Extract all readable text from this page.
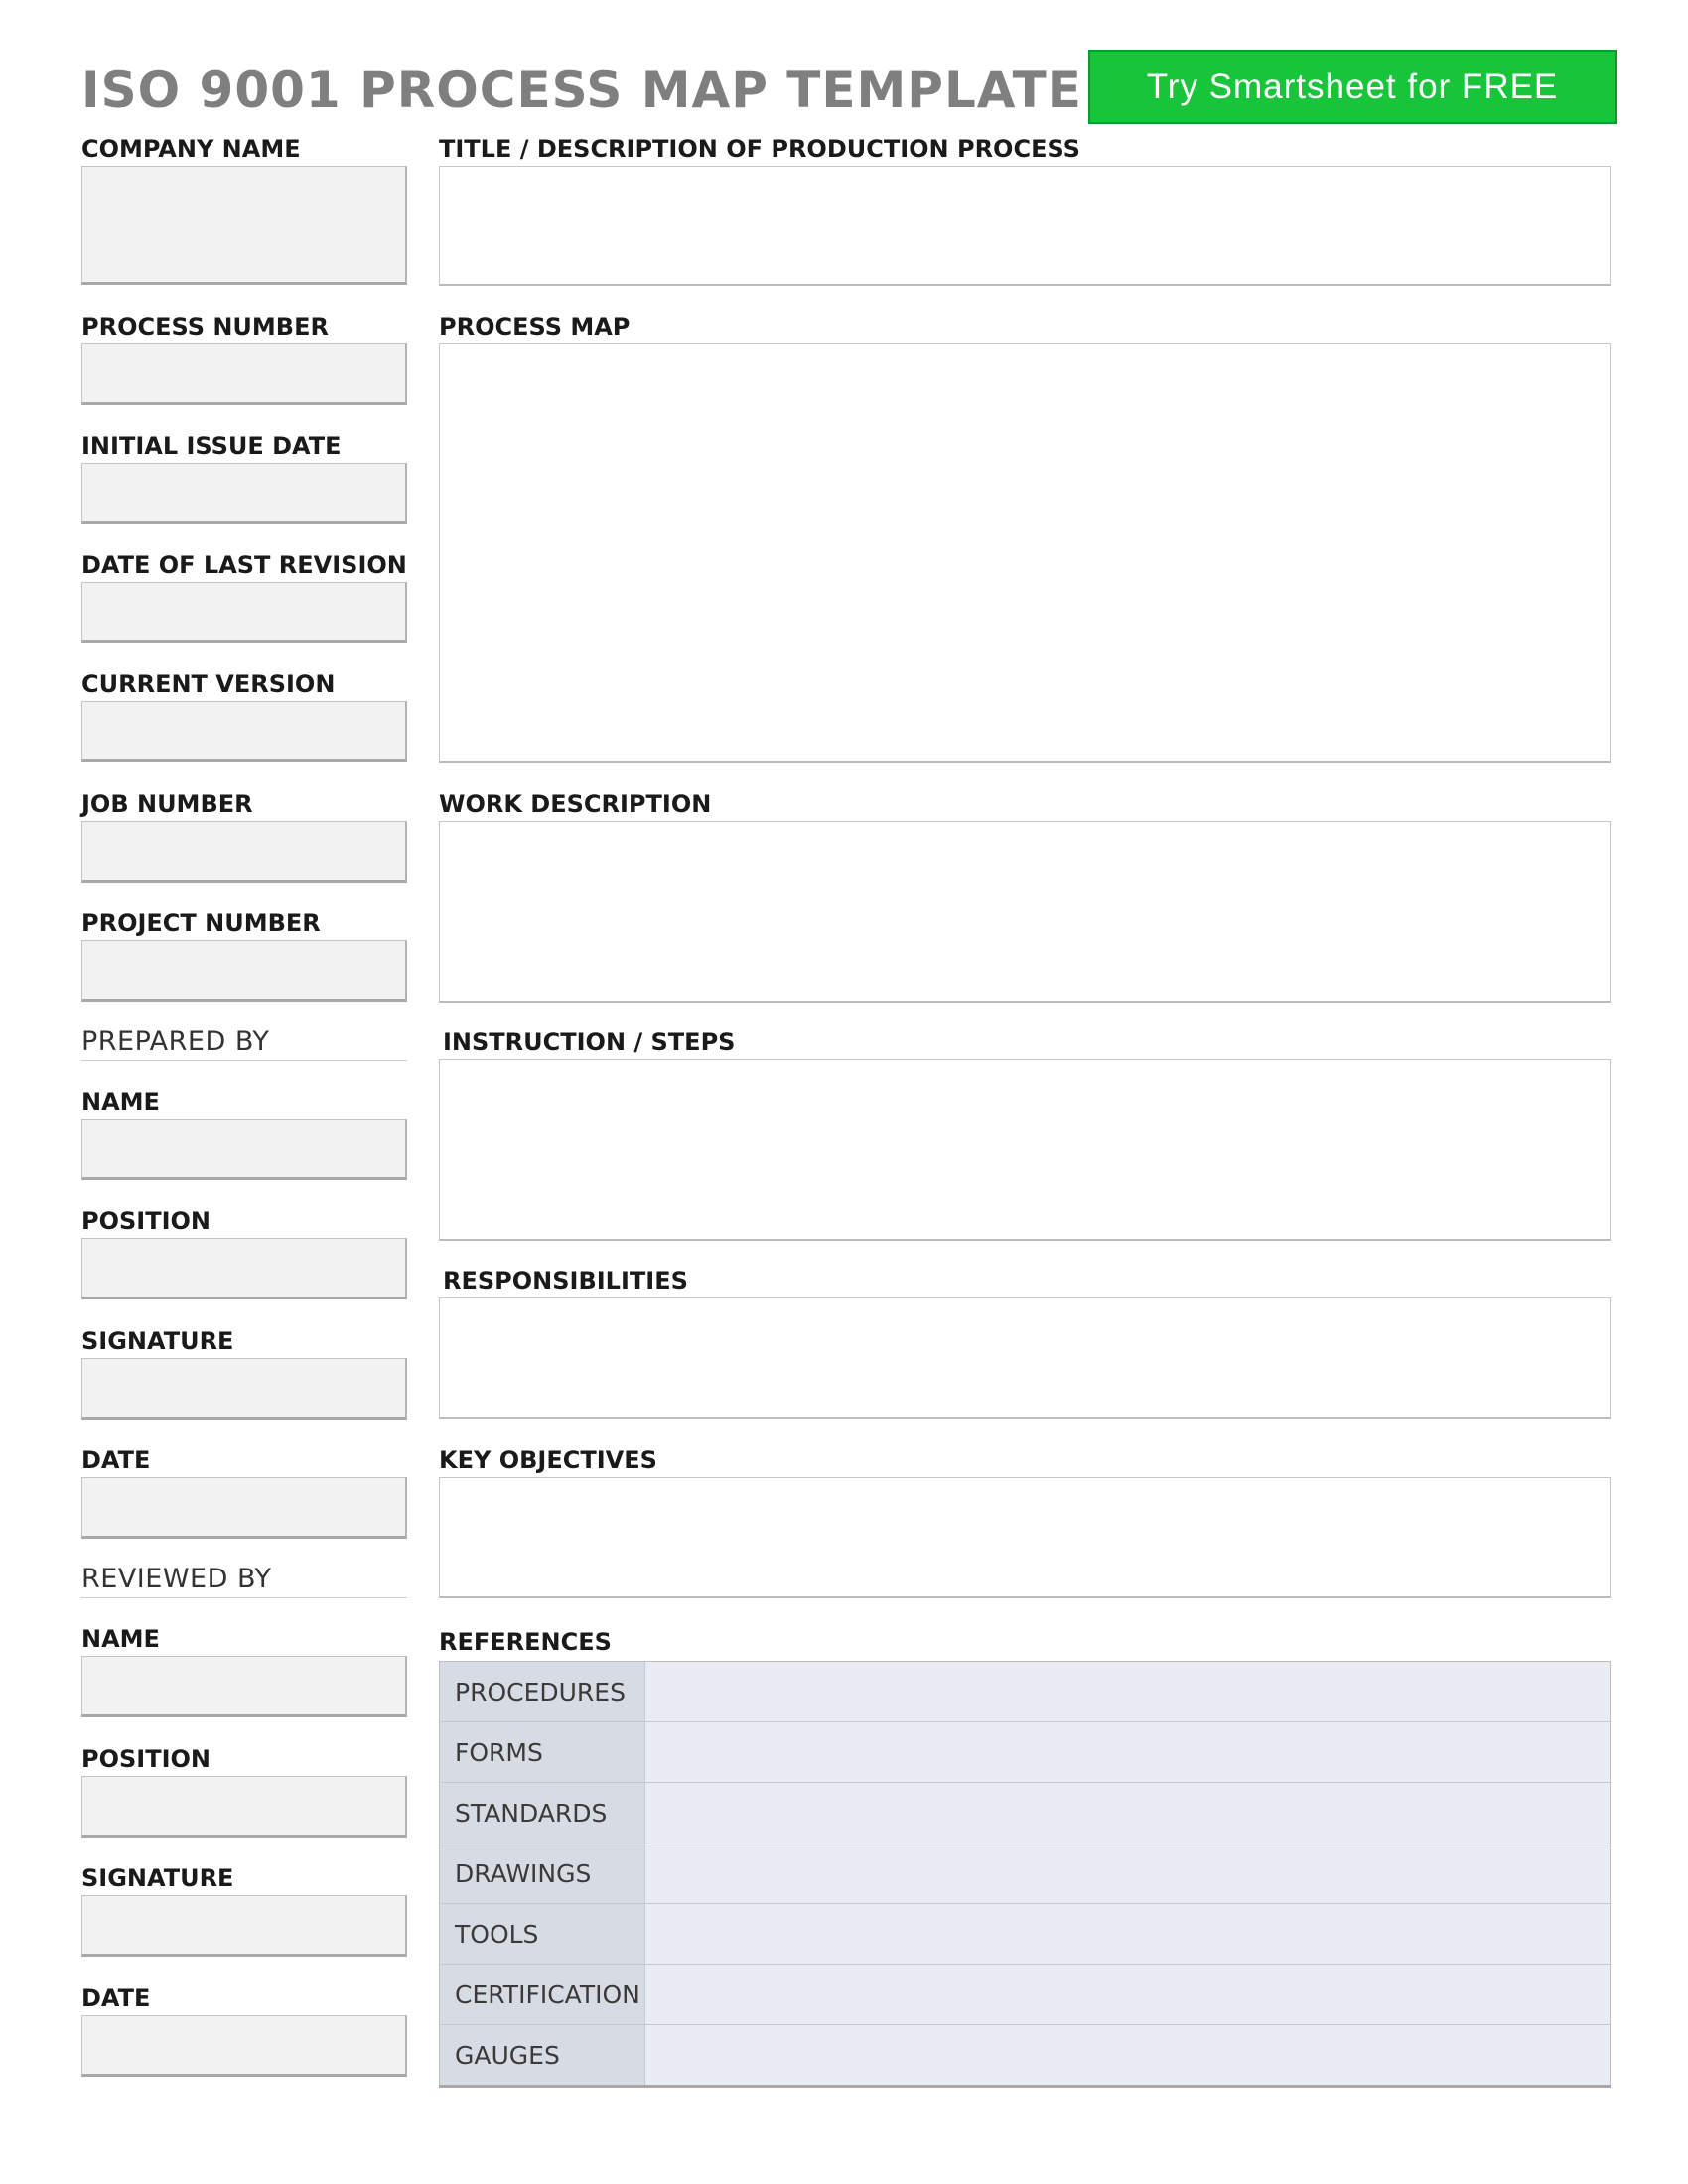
ISO 9001 PROCESS MAP TEMPLATE	Try Smartsheet for FREE

COMPANY NAME

PROCESS NUMBER

INITIAL ISSUE DATE

DATE OF LAST REVISION

CURRENT VERSION

JOB NUMBER

PROJECT NUMBER

PREPARED BY

NAME

POSITION

SIGNATURE

DATE

REVIEWED BY

NAME

POSITION

SIGNATURE

DATE

TITLE / DESCRIPTION OF PRODUCTION PROCESS

PROCESS MAP

WORK DESCRIPTION

INSTRUCTION / STEPS

RESPONSIBILITIES

KEY OBJECTIVES

REFERENCES

PROCEDURES	
FORMS	
STANDARDS	
DRAWINGS	
TOOLS	
CERTIFICATION	
GAUGES	
